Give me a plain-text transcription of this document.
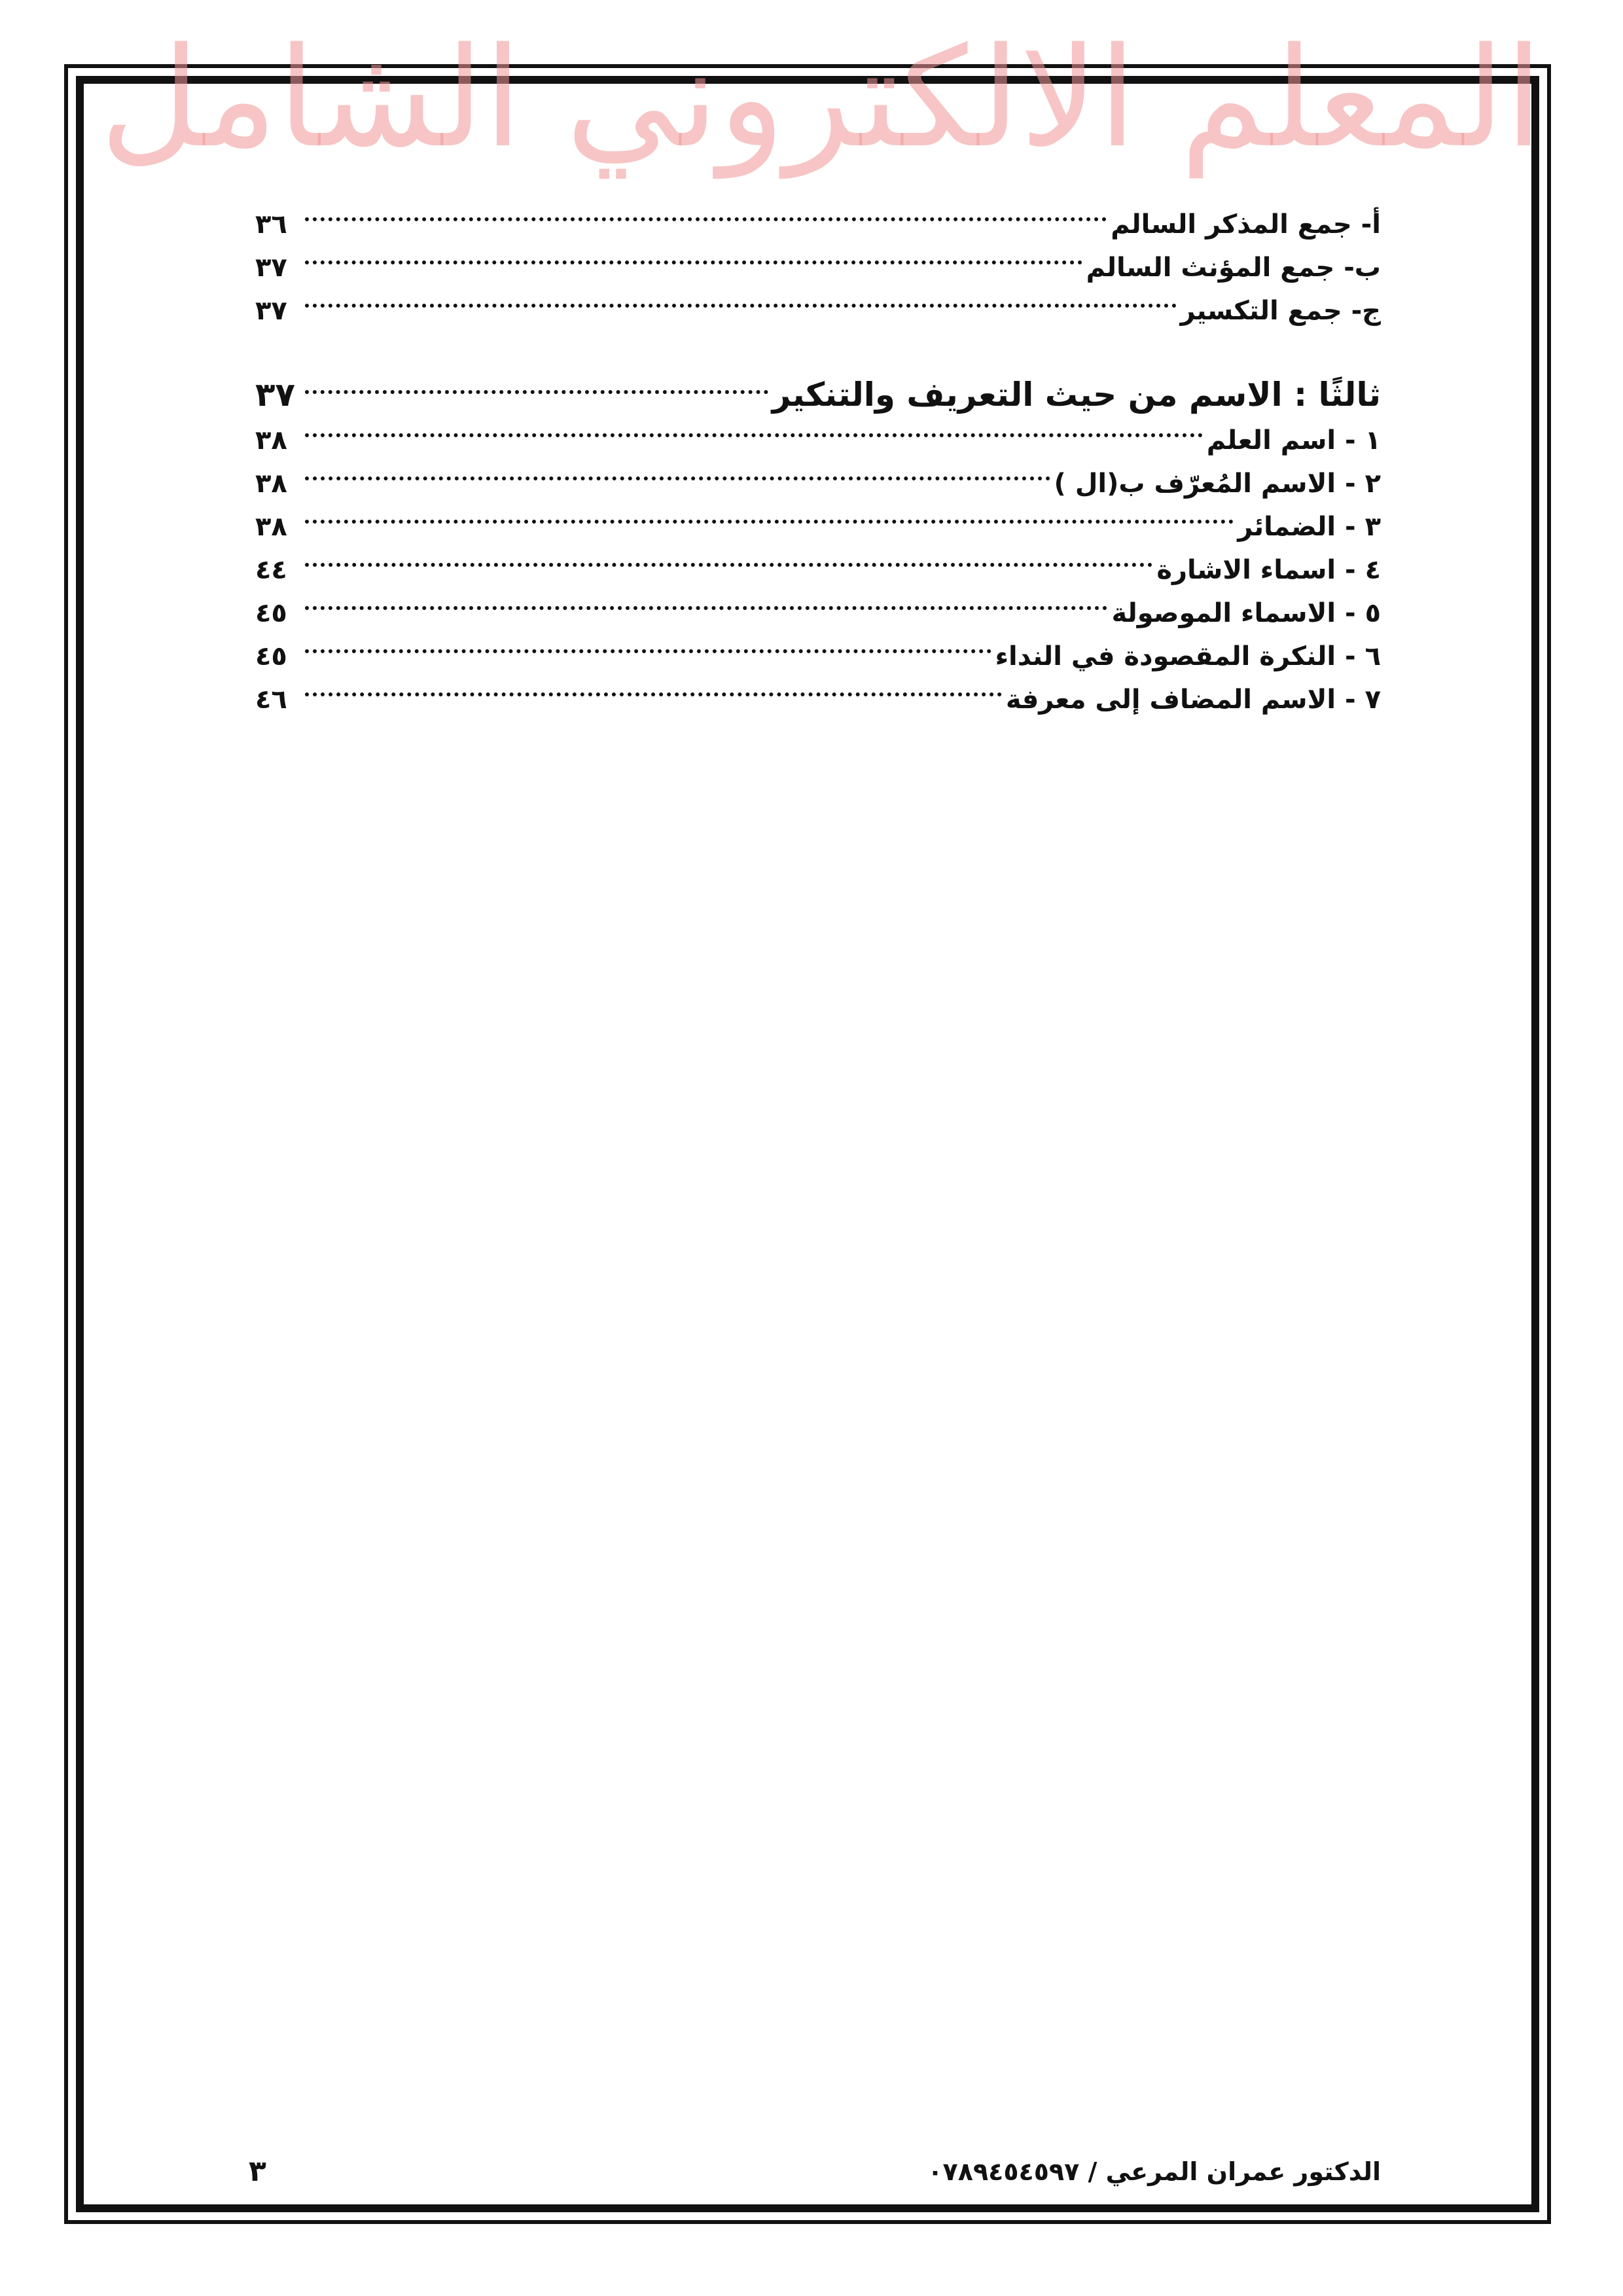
المعلم الالكتروني الشامل
أ- جمع المذكر السالم
٣٦
ب- جمع المؤنث السالم
٣٧
ج- جمع التكسير
٣٧
ثالثًا : الاسم من حيث التعريف والتنكير
٣٧
١ - اسم العلم
٣٨
٢ - الاسم المُعرّف ب(ال )
٣٨
٣ - الضمائر
٣٨
٤ - اسماء الاشارة
٤٤
٥ - الاسماء الموصولة
٤٥
٦ - النكرة المقصودة في النداء
٤٥
٧ - الاسم المضاف إلى معرفة
٤٦
الدكتور عمران المرعي / ٠٧٨٩٤٥٤٥٩٧
٣
